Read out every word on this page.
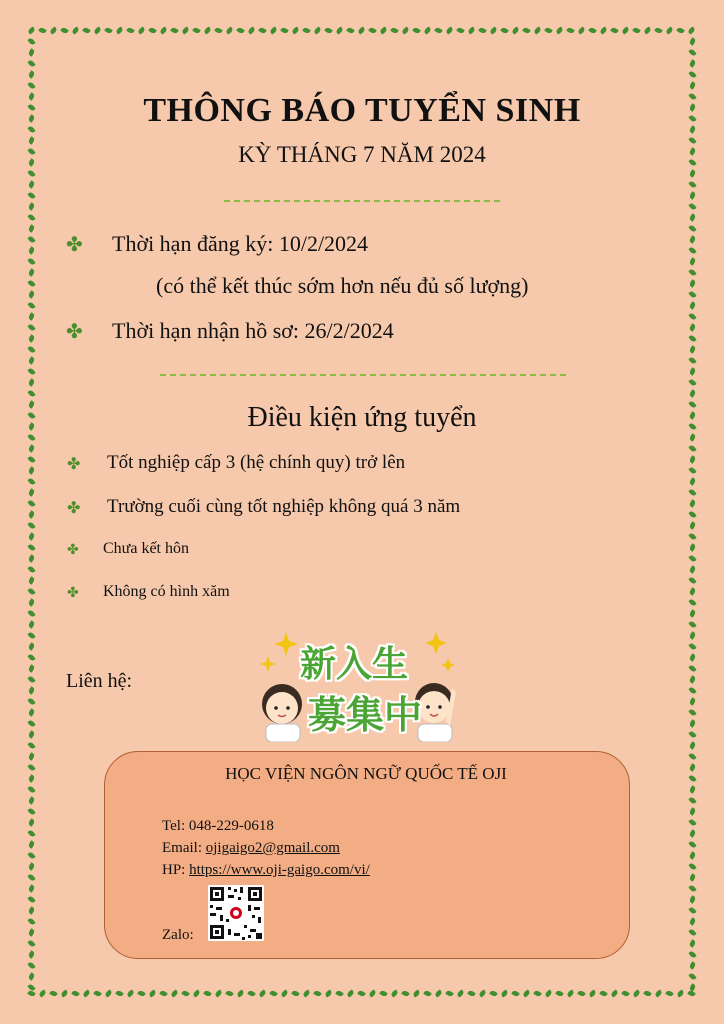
THÔNG BÁO TUYỂN SINH
KỲ THÁNG 7 NĂM 2024
✤ Thời hạn đăng ký: 10/2/2024
(có thể kết thúc sớm hơn nếu đủ số lượng)
✤ Thời hạn nhận hồ sơ: 26/2/2024
Điều kiện ứng tuyển
✤ Tốt nghiệp cấp 3 (hệ chính quy) trở lên
✤ Trường cuối cùng tốt nghiệp không quá 3 năm
✤ Chưa kết hôn
✤ Không có hình xăm
Liên hệ:	新入生
募集中
HỌC VIỆN NGÔN NGỮ QUỐC TẾ OJI
Tel: 048-229-0618
Email: ojigaigo2@gmail.com
HP: https://www.oji-gaigo.com/vi/
Zalo:
